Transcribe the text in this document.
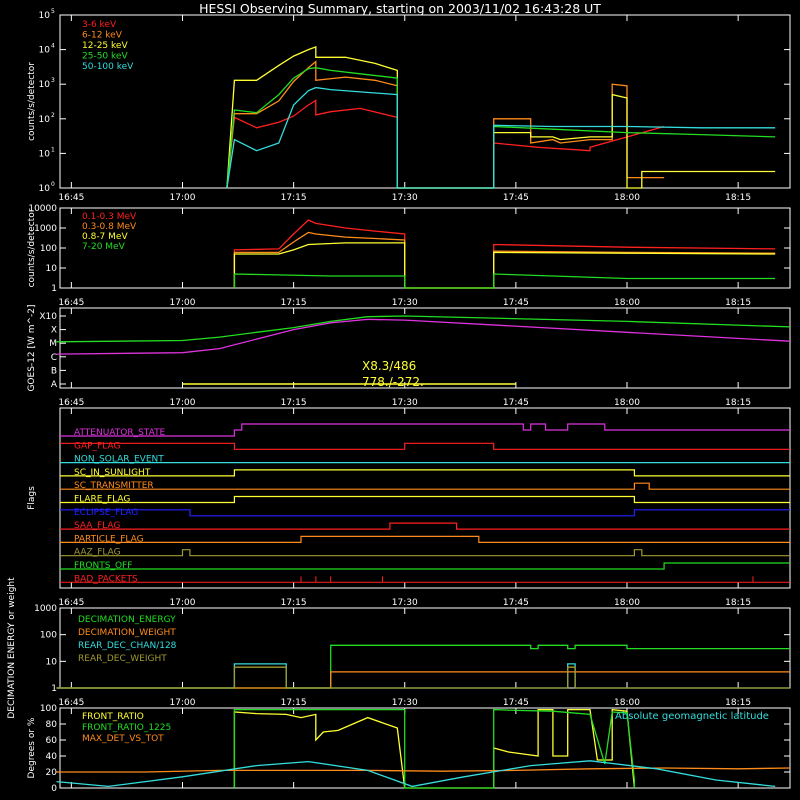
HESSI Observing Summary, starting on 2003/11/02 16:43:28 UT
16:45	17:00	17:15	17:30	17:45	18:00	18:15
counts/s/detector
10 0
10 1
10 2
10 3
10 4
10 5
3-6 keV
6-12 keV
12-25 keV
25-50 keV
50-100 keV
16:45	17:00	17:15	17:30	17:45	18:00	18:15
counts/s/detector
1
10
100
1000
10000
0.1-0.3 MeV
0.3-0.8 MeV
0.8-7 MeV
7-20 MeV
16:45	17:00	17:15	17:30	17:45	18:00	18:15
GOES-12 [W m^-2] A
B
C
M
X
X10
X8.3/486
778./-272.
16:45	17:00	17:15	17:30	17:45	18:00	18:15
Flags
ATTENUATOR_STATE
GAP_FLAG
NON_SOLAR_EVENT
SC_IN_SUNLIGHT
SC_TRANSMITTER
FLARE_FLAG
ECLIPSE_FLAG
SAA_FLAG
PARTICLE_FLAG
AAZ_FLAG
FRONTS_OFF
BAD_PACKETS
16:45	17:00	17:15	17:30	17:45	18:00	18:15
DECIMATION ENERGY or weight	1
10
100
1000
DECIMATION_ENERGY
DECIMATION_WEIGHT
REAR_DEC_CHAN/128
REAR_DEC_WEIGHT
Degrees or %
0
20
40
60
80
100
FRONT_RATIO
FRONT_RATIO_1225
MAX_DET_VS_TOT
Absolute geomagnetic latitude
